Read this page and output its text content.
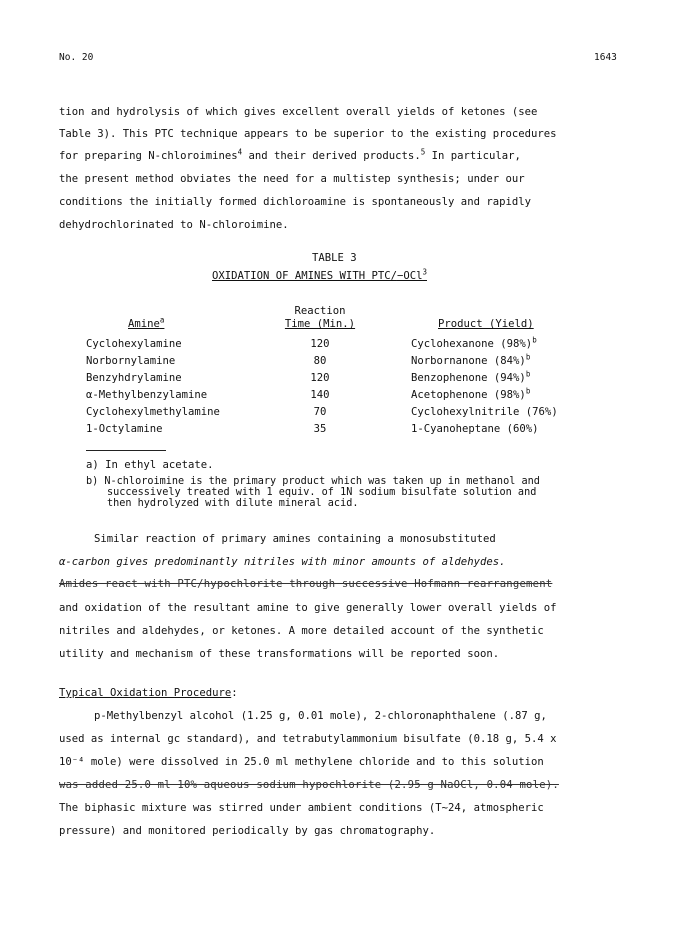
No. 20	1643
tion and hydrolysis of which gives excellent overall yields of ketones (see
Table 3). This PTC technique appears to be superior to the existing procedures
for preparing N-chloroimines$^4$ and their derived products.$^5$ In particular,
the present method obviates the need for a multistep synthesis; under our
conditions the initially formed dichloroamine is spontaneously and rapidly
dehydrochlorinated to N-chloroimine.
TABLE 3
OXIDATION OF AMINES WITH PTC/−OCl$^3$
Reaction
Amine$^a$	Time (Min.)	Product (Yield)
Cyclohexylamine	120	Cyclohexanone $(98\%)^b$
Norbornylamine	80	Norbornanone $(84\%)^b$
Benzyhdrylamine	120	Benzophenone $(94\%)^b$
α-Methylbenzylamine	140	Acetophenone $(98\%)^b$
Cyclohexylmethylamine	70	Cyclohexylnitrile (76%)
1-Octylamine	35	1-Cyanoheptane (60%)
a) In ethyl acetate.
b) N-chloroimine is the primary product which was taken up in methanol and
successively treated with 1 equiv. of 1N sodium bisulfate solution and
then hydrolyzed with dilute mineral acid.
Similar reaction of primary amines containing a monosubstituted
α-carbon gives predominantly nitriles with minor amounts of aldehydes.
Amides react with PTC/hypochlorite through successive Hofmann rearrangement
and oxidation of the resultant amine to give generally lower overall yields of
nitriles and aldehydes, or ketones. A more detailed account of the synthetic
utility and mechanism of these transformations will be reported soon.
Typical Oxidation Procedure:
p-Methylbenzyl alcohol (1.25 g, 0.01 mole), 2-chloronaphthalene (.87 g,
used as internal gc standard), and tetrabutylammonium bisulfate (0.18 g, 5.4 x
10⁻⁴ mole) were dissolved in 25.0 ml methylene chloride and to this solution
was added 25.0 ml 10% aqueous sodium hypochlorite (2.95 g NaOCl, 0.04 mole).
The biphasic mixture was stirred under ambient conditions (T~24, atmospheric
pressure) and monitored periodically by gas chromatography.
